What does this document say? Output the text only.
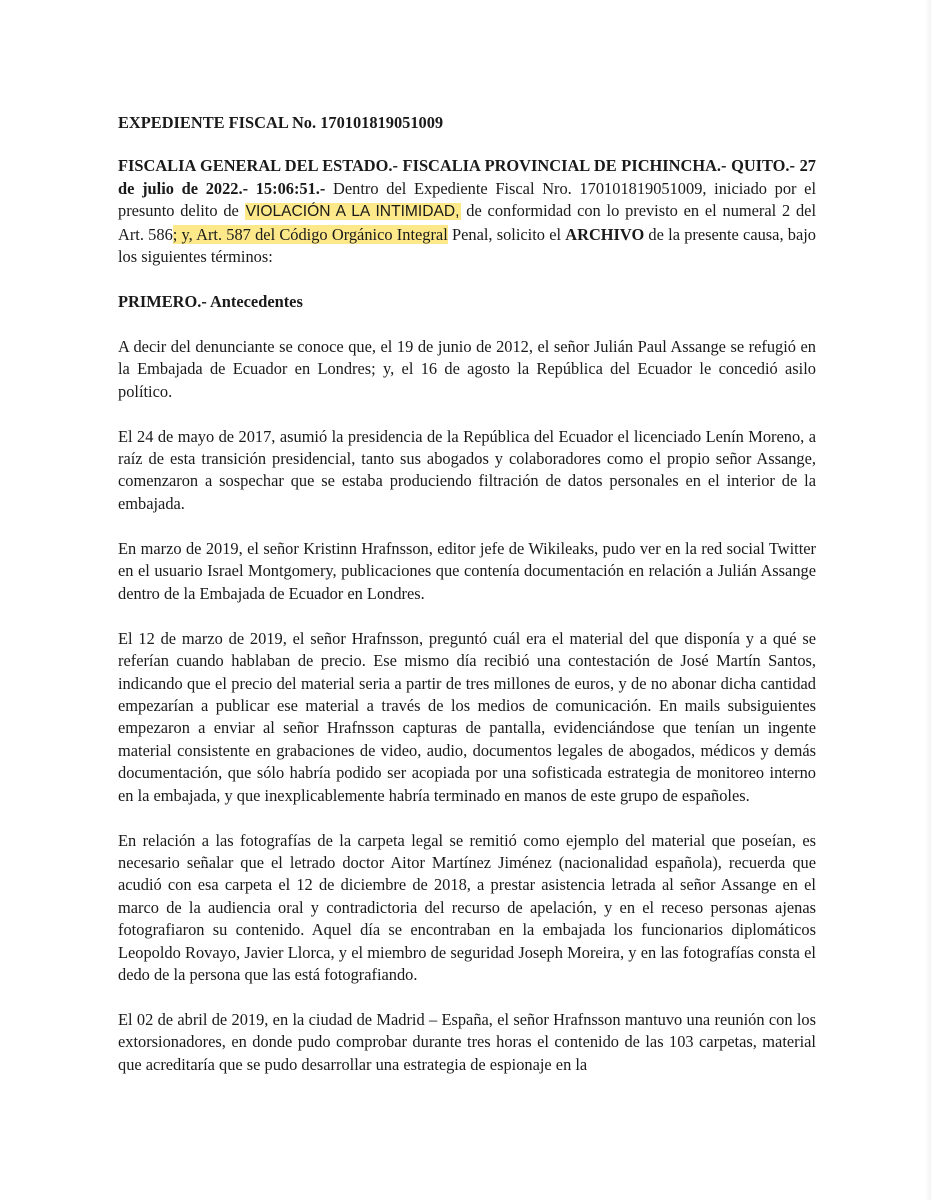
EXPEDIENTE FISCAL No. 170101819051009

FISCALIA GENERAL DEL ESTADO.- FISCALIA PROVINCIAL DE PICHINCHA.- QUITO.- 27 de julio de 2022.- 15:06:51.- Dentro del Expediente Fiscal Nro. 170101819051009, iniciado por el presunto delito de VIOLACIÓN A LA INTIMIDAD, de conformidad con lo previsto en el numeral 2 del Art. 586; y, Art. 587 del Código Orgánico Integral Penal, solicito el ARCHIVO de la presente causa, bajo los siguientes términos:

PRIMERO.- Antecedentes

A decir del denunciante se conoce que, el 19 de junio de 2012, el señor Julián Paul Assange se refugió en la Embajada de Ecuador en Londres; y, el 16 de agosto la República del Ecuador le concedió asilo político.

El 24 de mayo de 2017, asumió la presidencia de la República del Ecuador el licenciado Lenín Moreno, a raíz de esta transición presidencial, tanto sus abogados y colaboradores como el propio señor Assange, comenzaron a sospechar que se estaba produciendo filtración de datos personales en el interior de la embajada.

En marzo de 2019, el señor Kristinn Hrafnsson, editor jefe de Wikileaks, pudo ver en la red social Twitter en el usuario Israel Montgomery, publicaciones que contenía documentación en relación a Julián Assange dentro de la Embajada de Ecuador en Londres.

El 12 de marzo de 2019, el señor Hrafnsson, preguntó cuál era el material del que disponía y a qué se referían cuando hablaban de precio. Ese mismo día recibió una contestación de José Martín Santos, indicando que el precio del material seria a partir de tres millones de euros, y de no abonar dicha cantidad empezarían a publicar ese material a través de los medios de comunicación. En mails subsiguientes empezaron a enviar al señor Hrafnsson capturas de pantalla, evidenciándose que tenían un ingente material consistente en grabaciones de video, audio, documentos legales de abogados, médicos y demás documentación, que sólo habría podido ser acopiada por una sofisticada estrategia de monitoreo interno en la embajada, y que inexplicablemente habría terminado en manos de este grupo de españoles.

En relación a las fotografías de la carpeta legal se remitió como ejemplo del material que poseían, es necesario señalar que el letrado doctor Aitor Martínez Jiménez (nacionalidad española), recuerda que acudió con esa carpeta el 12 de diciembre de 2018, a prestar asistencia letrada al señor Assange en el marco de la audiencia oral y contradictoria del recurso de apelación, y en el receso personas ajenas fotografiaron su contenido. Aquel día se encontraban en la embajada los funcionarios diplomáticos Leopoldo Rovayo, Javier Llorca, y el miembro de seguridad Joseph Moreira, y en las fotografías consta el dedo de la persona que las está fotografiando.

El 02 de abril de 2019, en la ciudad de Madrid – España, el señor Hrafnsson mantuvo una reunión con los extorsionadores, en donde pudo comprobar durante tres horas el contenido de las 103 carpetas, material que acreditaría que se pudo desarrollar una estrategia de espionaje en la
